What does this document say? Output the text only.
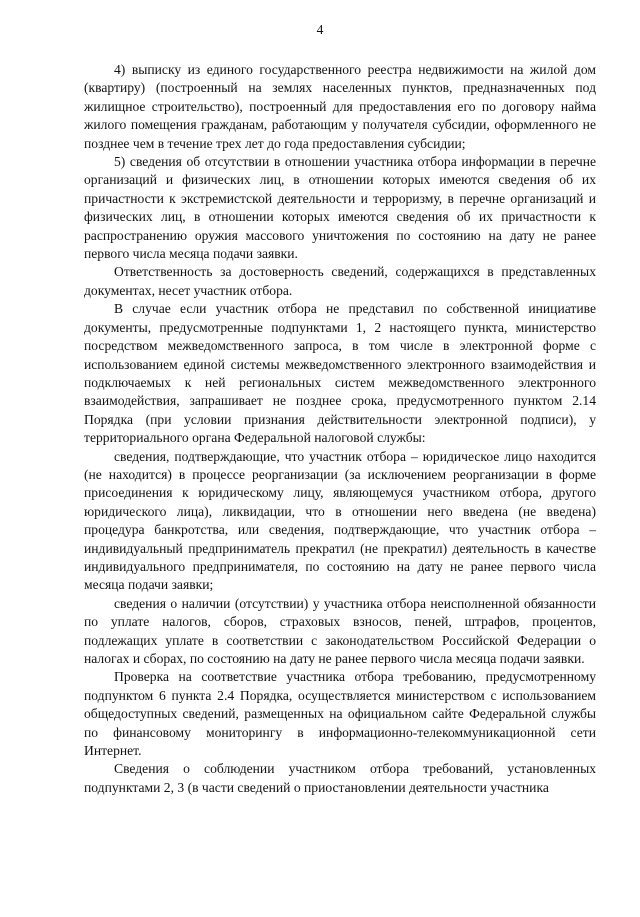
4

4) выписку из единого государственного реестра недвижимости на жилой дом (квартиру) (построенный на землях населенных пунктов, предназначенных под жилищное строительство), построенный для предоставления его по договору найма жилого помещения гражданам, работающим у получателя субсидии, оформленного не позднее чем в течение трех лет до года предоставления субсидии;

5) сведения об отсутствии в отношении участника отбора информации в перечне организаций и физических лиц, в отношении которых имеются сведения об их причастности к экстремистской деятельности и терроризму, в перечне организаций и физических лиц, в отношении которых имеются сведения об их причастности к распространению оружия массового уничтожения по состоянию на дату не ранее первого числа месяца подачи заявки.

Ответственность за достоверность сведений, содержащихся в представленных документах, несет участник отбора.

В случае если участник отбора не представил по собственной инициативе документы, предусмотренные подпунктами 1, 2 настоящего пункта, министерство посредством межведомственного запроса, в том числе в электронной форме с использованием единой системы межведомственного электронного взаимодействия и подключаемых к ней региональных систем межведомственного электронного взаимодействия, запрашивает не позднее срока, предусмотренного пунктом 2.14 Порядка (при условии признания действительности электронной подписи), у территориального органа Федеральной налоговой службы:

сведения, подтверждающие, что участник отбора – юридическое лицо находится (не находится) в процессе реорганизации (за исключением реорганизации в форме присоединения к юридическому лицу, являющемуся участником отбора, другого юридического лица), ликвидации, что в отношении него введена (не введена) процедура банкротства, или сведения, подтверждающие, что участник отбора – индивидуальный предприниматель прекратил (не прекратил) деятельность в качестве индивидуального предпринимателя, по состоянию на дату не ранее первого числа месяца подачи заявки;

сведения о наличии (отсутствии) у участника отбора неисполненной обязанности по уплате налогов, сборов, страховых взносов, пеней, штрафов, процентов, подлежащих уплате в соответствии с законодательством Российской Федерации о налогах и сборах, по состоянию на дату не ранее первого числа месяца подачи заявки.

Проверка на соответствие участника отбора требованию, предусмотренному подпунктом 6 пункта 2.4 Порядка, осуществляется министерством с использованием общедоступных сведений, размещенных на официальном сайте Федеральной службы по финансовому мониторингу в информационно-телекоммуникационной сети Интернет.

Сведения о соблюдении участником отбора требований, установленных подпунктами 2, 3 (в части сведений о приостановлении деятельности участника
